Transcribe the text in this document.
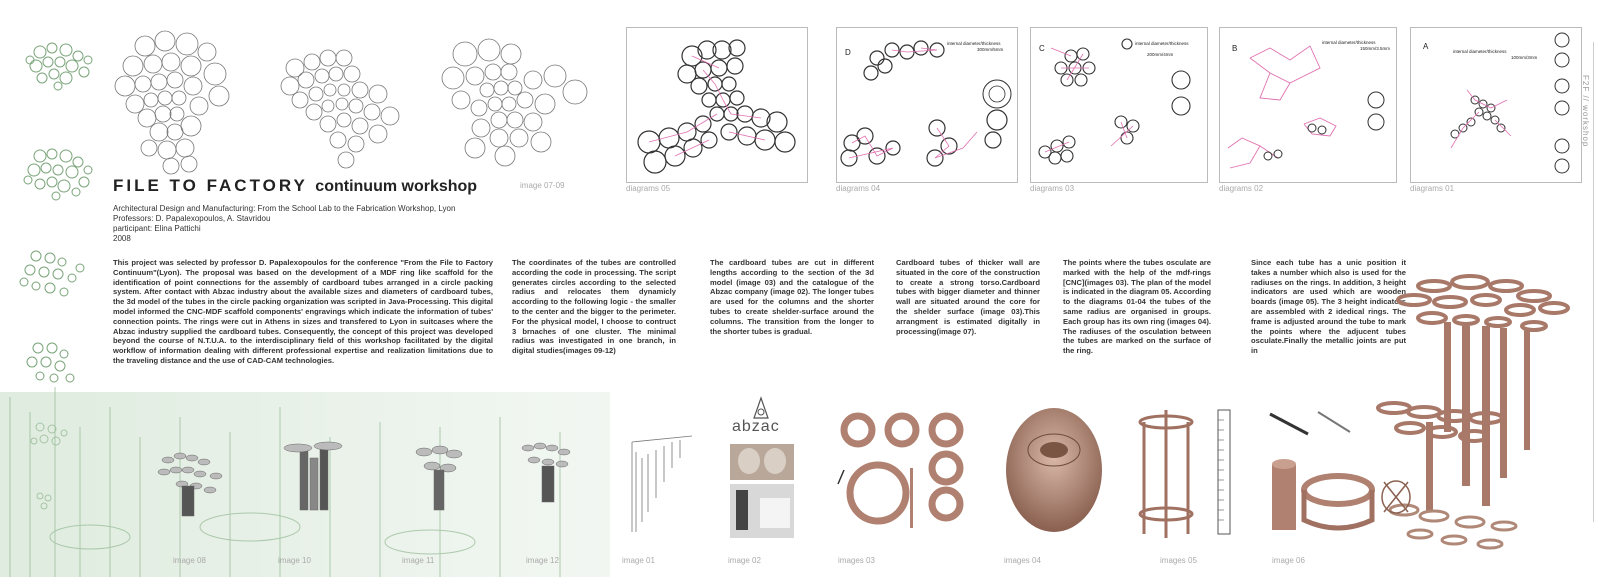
FILE TO FACTORY continuum workshop	image 07-09
Architectural Design and Manufacturing: From the School Lab to the Fabrication Workshop, Lyon
Professors: D. Papalexopoulos, A. Stavridou
participant: Elina Pattichi
2008
diagrams 05
D
internal diameter/thickness
300mm/5mm
diagrams 04
C
internal diameter/thickness
200mm/4mm
diagrams 03
B
internal diameter/thickness
150mm/3.5mm
diagrams 02
A
internal diameter/thickness
100mm/3mm
diagrams 01
F2F // workshop
This project was selected by professor D. Papalexopoulos for the conference "From the File to Factory Continuum"(Lyon). The proposal was based on the development of a MDF ring like scaffold for the identification of point connections for the assembly of cardboard tubes arranged in a circle packing system. After contact with Abzac industry about the available sizes and diameters of cardboard tubes, the 3d model of the tubes in the circle packing organization was scripted in Java-Processing. This digital model informed the CNC-MDF scaffold components' engravings which indicate the information of tubes' connection points. The rings were cut in Athens in sizes and transfered to Lyon in suitcases where the Abzac industry supplied the cardboard tubes. Consequently, the concept of this project was developed beyond the course of N.T.U.A. to the interdisciplinary field of this workshop facilitated by the digital workflow of information dealing with different professional expertise and realization limitations due to the traveling distance and the use of CAD-CAM technologies.
The coordinates of the tubes are controlled according the code in processing. The script generates circles according to the selected radius and relocates them dynamicly according to the following logic - the smaller to the center and the bigger to the perimeter. For the physical model, I choose to contruct 3 brnaches of one cluster. The minimal radius was investigated in one branch, in digital studies(images 09-12)
The cardboard tubes are cut in different lengths according to the section of the 3d model (image 03) and the catalogue of the Abzac company (image 02). The longer tubes are used for the columns and the shorter tubes to create shelder-surface around the columns. The transition from the longer to the shorter tubes is gradual.
Cardboard tubes of thicker wall are situated in the core of the construction to create a strong torso.Cardboard tubes with bigger diameter and thinner wall are situated around the core for the shelder surface (image 03).This arrangment is estimated digitally in processing(image 07).
The points where the tubes osculate are marked with the help of the mdf-rings [CNC](images 03). The plan of the model is indicated in the diagram 05. According to the diagrams 01-04 the tubes of the same radius are organised in groups. Each group has its own ring (images 04). The radiuses of the osculation between the tubes are marked on the surface of the ring.
Since each tube has a unic position it takes a number which also is used for the radiuses on the rings. In addition, 3 height indicators are used which are wooden boards (image 05). The 3 height indicators are assembled with 2 idedical rings. The frame is adjusted around the tube to mark the points where the adjucent tubes osculate.Finally the metallic joints are put in
image 08	image 10	image 11	image 12	image 01
abzac
image 02	images 03	images 04	images 05	image 06
